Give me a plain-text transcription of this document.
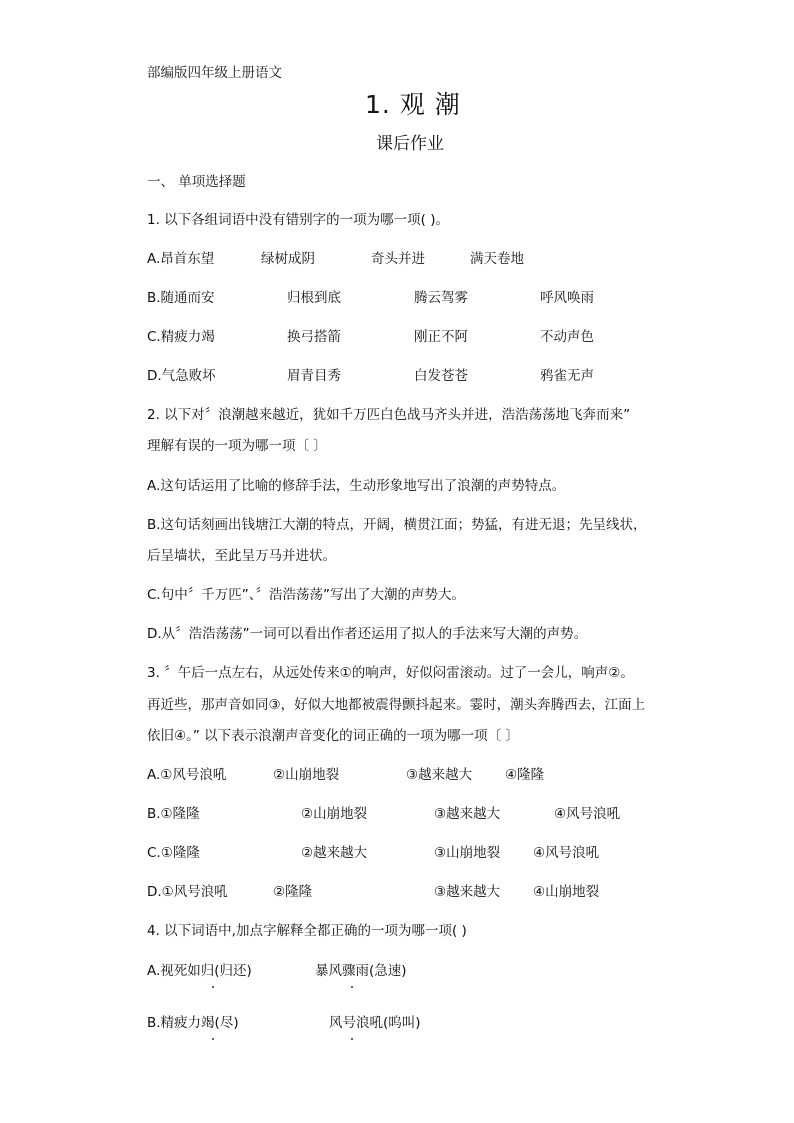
部编版四年级上册语文
1. 观 潮
课后作业
一、 单项选择题
1. 以下各组词语中没有错别字的一项为哪一项( )。
A.昂首东望	绿树成阴	奇头并进	满天卷地
B.随通而安	归根到底	腾云驾雾	呼风唤雨
C.精疲力竭	换弓搭箭	刚正不阿	不动声色
D.气急败坏	眉青目秀	白发苍苍	鸦雀无声
2. 以下对〞浪潮越来越近，犹如千万匹白色战马齐头并进，浩浩荡荡地飞奔而来”
理解有误的一项为哪一项〔 〕
A.这句话运用了比喻的修辞手法，生动形象地写出了浪潮的声势特点。
B.这句话刻画出钱塘江大潮的特点，开阔，横贯江面；势猛，有进无退；先呈线状，
后呈墙状，至此呈万马并进状。
C.句中〞千万匹”、〞浩浩荡荡”写出了大潮的声势大。
D.从〞浩浩荡荡”一词可以看出作者还运用了拟人的手法来写大潮的声势。
3. 〞午后一点左右，从远处传来①的响声，好似闷雷滚动。过了一会儿，响声②。
再近些，那声音如同③，好似大地都被震得颤抖起来。霎时，潮头奔腾西去，江面上
依旧④。” 以下表示浪潮声音变化的词正确的一项为哪一项〔 〕
A.①风号浪吼	②山崩地裂	③越来越大 ④隆隆
B.①隆隆	②山崩地裂	③越来越大	④风号浪吼
C.①隆隆	②越来越大	③山崩地裂 ④风号浪吼
D.①风号浪吼	②隆隆	③越来越大 ④山崩地裂
4. 以下词语中,加点字解释全都正确的一项为哪一项( )
A.视死如归(归还)	暴风骤雨(急速)
B.精疲力竭(尽)	风号浪吼(呜叫)
